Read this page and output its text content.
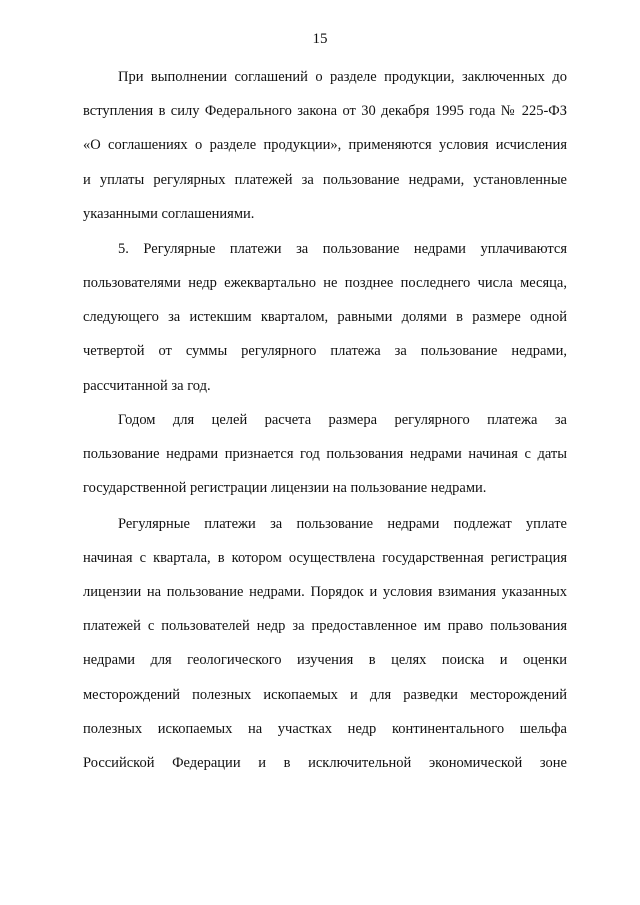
15
При выполнении соглашений о разделе продукции, заключенных до
вступления в силу Федерального закона от 30 декабря 1995 года № 225-ФЗ
«О соглашениях о разделе продукции», применяются условия исчисления
и уплаты регулярных платежей за пользование недрами, установленные
указанными соглашениями.
5. Регулярные платежи за пользование недрами уплачиваются
пользователями недр ежеквартально не позднее последнего числа месяца,
следующего за истекшим кварталом, равными долями в размере одной
четвертой от суммы регулярного платежа за пользование недрами,
рассчитанной за год.
Годом для целей расчета размера регулярного платежа за
пользование недрами признается год пользования недрами начиная с даты
государственной регистрации лицензии на пользование недрами.
Регулярные платежи за пользование недрами подлежат уплате
начиная с квартала, в котором осуществлена государственная регистрация
лицензии на пользование недрами. Порядок и условия взимания указанных
платежей с пользователей недр за предоставленное им право пользования
недрами для геологического изучения в целях поиска и оценки
месторождений полезных ископаемых и для разведки месторождений
полезных ископаемых на участках недр континентального шельфа
Российской Федерации и в исключительной экономической зоне
